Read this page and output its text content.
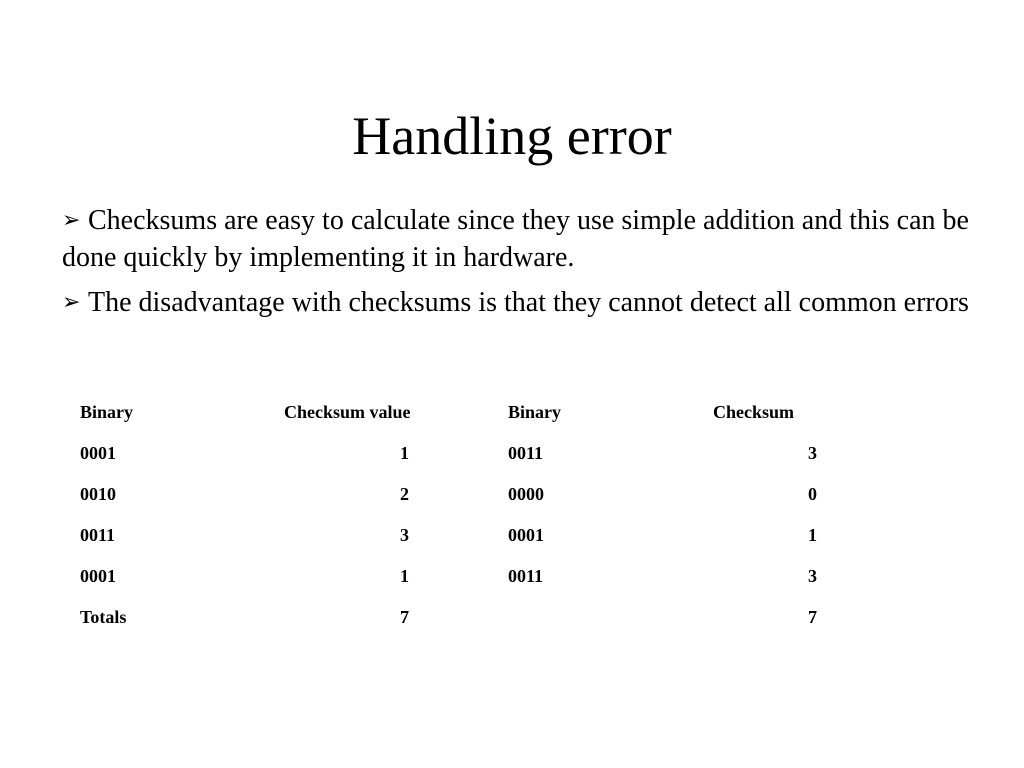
Handling error
➢ Checksums are easy to calculate since they use simple addition and this can be done quickly by implementing it in hardware.
➢ The disadvantage with checksums is that they cannot detect all common errors
Binary	Checksum value	Binary	Checksum
0001	1	0011	3
0010	2	0000	0
0011	3	0001	1
0001	1	0011	3
Totals	7		7
